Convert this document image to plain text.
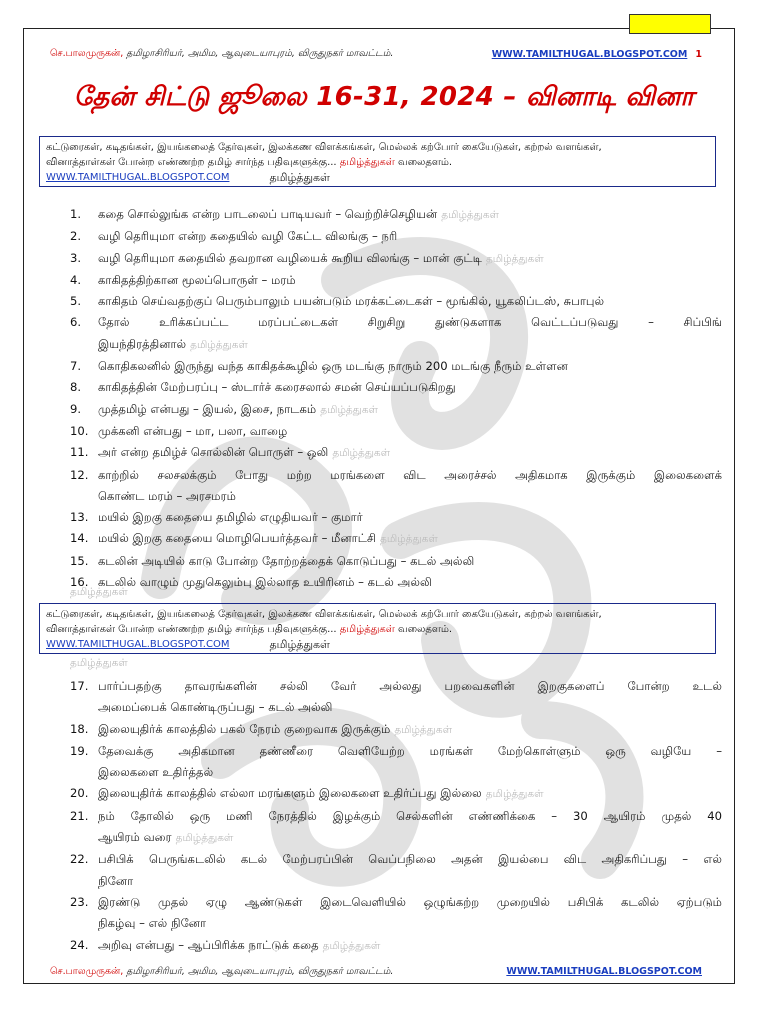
செ.பாலமுருகன், தமிழாசிரியர், அமிம, ஆவுடையாபுரம், விருதுநகர் மாவட்டம்.	WWW.TAMILTHUGAL.BLOGSPOT.COM 1
தேன் சிட்டு ஜூலை 16-31, 2024 – வினாடி வினா
கட்டுரைகள், கடிதங்கள், இயங்கலைத் தேர்வுகள், இலக்கண விளக்கங்கள், மெல்லக் கற்போர் கையேடுகள், கற்றல் வளங்கள்,
வினாத்தாள்கள் போன்ற எண்ணற்ற தமிழ் சார்ந்த பதிவுகளுக்கு... தமிழ்த்துகள் வலைதளம்.
WWW.TAMILTHUGAL.BLOGSPOT.COM	தமிழ்த்துகள்
1.	கதை சொல்லுங்க என்ற பாடலைப் பாடியவர் – வெற்றிச்செழியன் தமிழ்த்துகள்
2.	வழி தெரியுமா என்ற கதையில் வழி கேட்ட விலங்கு – நரி
3.	வழி தெரியுமா கதையில் தவறான வழியைக் கூறிய விலங்கு – மான் குட்டி தமிழ்த்துகள்
4.	காகிதத்திற்கான மூலப்பொருள் – மரம்
5.	காகிதம் செய்வதற்குப் பெரும்பாலும் பயன்படும் மரக்கட்டைகள் – மூங்கில், யூகலிப்டஸ், சுபாபுல்
6.	தோல் உரிக்கப்பட்ட மரப்பட்டைகள் சிறுசிறு துண்டுகளாக வெட்டப்படுவது – சிப்பிங்
இயந்திரத்தினால் தமிழ்த்துகள்
7.	கொதிகலனில் இருந்து வந்த காகிதக்கூழில் ஒரு மடங்கு நாரும் 200 மடங்கு நீரும் உள்ளன
8.	காகிதத்தின் மேற்பரப்பு – ஸ்டார்ச் கரைசலால் சமன் செய்யப்படுகிறது
9.	முத்தமிழ் என்பது – இயல், இசை, நாடகம் தமிழ்த்துகள்
10. முக்கனி என்பது – மா, பலா, வாழை
11. அர் என்ற தமிழ்ச் சொல்லின் பொருள் – ஒலி தமிழ்த்துகள்
12. காற்றில் சலசலக்கும் போது மற்ற மரங்களை விட அரைச்சல் அதிகமாக இருக்கும் இலைகளைக்
கொண்ட மரம் – அரசமரம்
13. மயில் இறகு கதையை தமிழில் எழுதியவர் – குமார்
14. மயில் இறகு கதையை மொழிபெயர்த்தவர் – மீனாட்சி தமிழ்த்துகள்
15. கடலின் அடியில் காடு போன்ற தோற்றத்தைக் கொடுப்பது – கடல் அல்லி
16. கடலில் வாழும் முதுகெலும்பு இல்லாத உயிரினம் – கடல் அல்லி
தமிழ்த்துகள்
கட்டுரைகள், கடிதங்கள், இயங்கலைத் தேர்வுகள், இலக்கண விளக்கங்கள், மெல்லக் கற்போர் கையேடுகள், கற்றல் வளங்கள்,
வினாத்தாள்கள் போன்ற எண்ணற்ற தமிழ் சார்ந்த பதிவுகளுக்கு... தமிழ்த்துகள் வலைதளம்.
WWW.TAMILTHUGAL.BLOGSPOT.COM	தமிழ்த்துகள்
தமிழ்த்துகள்
17. பார்ப்பதற்கு தாவரங்களின் சல்லி வேர் அல்லது பறவைகளின் இறகுகளைப் போன்ற உடல்
அமைப்பைக் கொண்டிருப்பது – கடல் அல்லி
18. இலையுதிர்க் காலத்தில் பகல் நேரம் குறைவாக இருக்கும் தமிழ்த்துகள்
19. தேவைக்கு அதிகமான தண்ணீரை வெளியேற்ற மரங்கள் மேற்கொள்ளும் ஒரு வழியே –
இலைகளை உதிர்த்தல்
20. இலையுதிர்க் காலத்தில் எல்லா மரங்களும் இலைகளை உதிர்ப்பது இல்லை தமிழ்த்துகள்
21. நம் தோலில் ஒரு மணி நேரத்தில் இழக்கும் செல்களின் எண்ணிக்கை – 30 ஆயிரம் முதல் 40
ஆயிரம் வரை தமிழ்த்துகள்
22. பசிபிக் பெருங்கடலில் கடல் மேற்பரப்பின் வெப்பநிலை அதன் இயல்பை விட அதிகரிப்பது – எல்
நினோ
23. இரண்டு முதல் ஏழு ஆண்டுகள் இடைவெளியில் ஒழுங்கற்ற முறையில் பசிபிக் கடலில் ஏற்படும்
நிகழ்வு – எல் நினோ
24. அறிவு என்பது – ஆப்பிரிக்க நாட்டுக் கதை தமிழ்த்துகள்
செ.பாலமுருகன், தமிழாசிரியர், அமிம, ஆவுடையாபுரம், விருதுநகர் மாவட்டம்.	WWW.TAMILTHUGAL.BLOGSPOT.COM
